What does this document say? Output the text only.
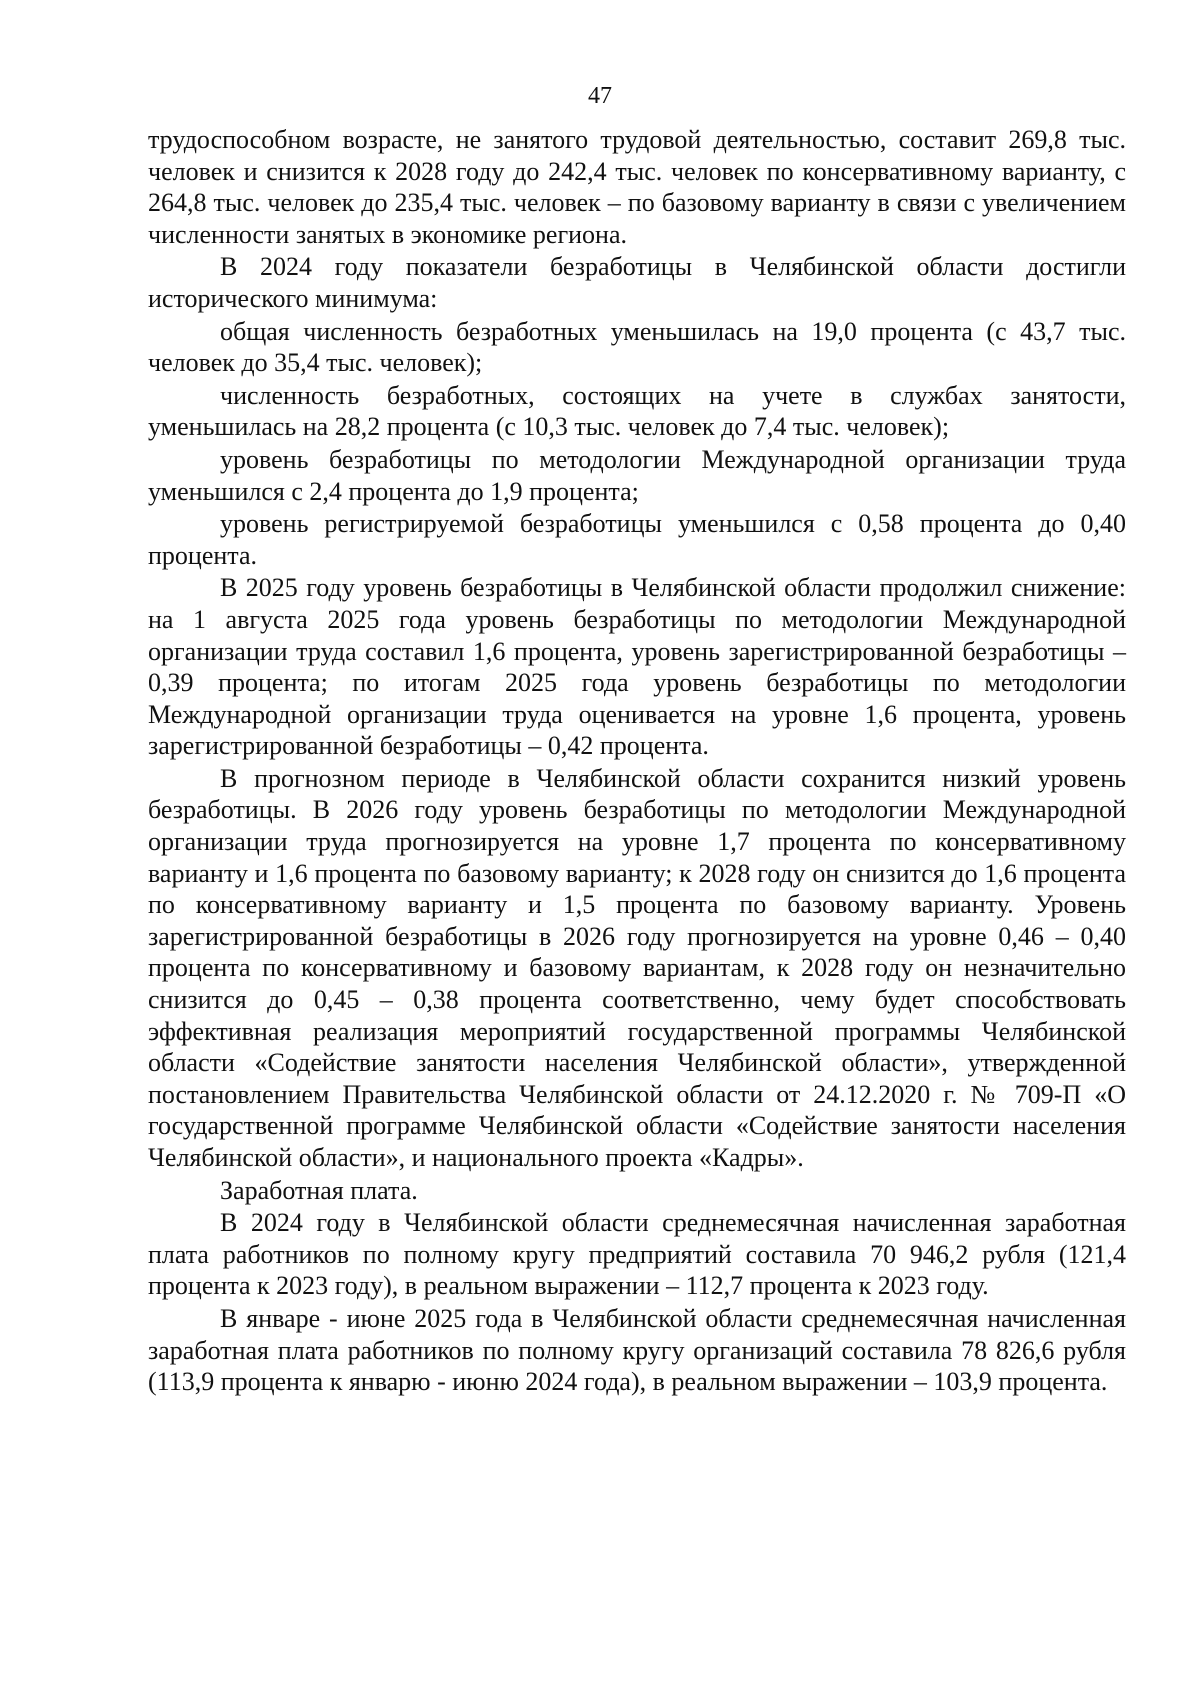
47

трудоспособном возрасте, не занятого трудовой деятельностью, составит 269,8 тыс. человек и снизится к 2028 году до 242,4 тыс. человек по консервативному варианту, с 264,8 тыс. человек до 235,4 тыс. человек – по базовому варианту в связи с увеличением численности занятых в экономике региона.

В 2024 году показатели безработицы в Челябинской области достигли исторического минимума:

общая численность безработных уменьшилась на 19,0 процента (с 43,7 тыс. человек до 35,4 тыс. человек);

численность безработных, состоящих на учете в службах занятости, уменьшилась на 28,2 процента (с 10,3 тыс. человек до 7,4 тыс. человек);

уровень безработицы по методологии Международной организации труда уменьшился с 2,4 процента до 1,9 процента;

уровень регистрируемой безработицы уменьшился с 0,58 процента до 0,40 процента.

В 2025 году уровень безработицы в Челябинской области продолжил снижение: на 1 августа 2025 года уровень безработицы по методологии Международной организации труда составил 1,6 процента, уровень зарегистрированной безработицы – 0,39 процента; по итогам 2025 года уровень безработицы по методологии Международной организации труда оценивается на уровне 1,6 процента, уровень зарегистрированной безработицы – 0,42 процента.

В прогнозном периоде в Челябинской области сохранится низкий уровень безработицы. В 2026 году уровень безработицы по методологии Международной организации труда прогнозируется на уровне 1,7 процента по консервативному варианту и 1,6 процента по базовому варианту; к 2028 году он снизится до 1,6 процента по консервативному варианту и 1,5 процента по базовому варианту. Уровень зарегистрированной безработицы в 2026 году прогнозируется на уровне 0,46 – 0,40 процента по консервативному и базовому вариантам, к 2028 году он незначительно снизится до 0,45 – 0,38 процента соответственно, чему будет способствовать эффективная реализация мероприятий государственной программы Челябинской области «Содействие занятости населения Челябинской области», утвержденной постановлением Правительства Челябинской области от 24.12.2020 г. № 709-П «О государственной программе Челябинской области «Содействие занятости населения Челябинской области», и национального проекта «Кадры».

Заработная плата.

В 2024 году в Челябинской области среднемесячная начисленная заработная плата работников по полному кругу предприятий составила 70 946,2 рубля (121,4 процента к 2023 году), в реальном выражении – 112,7 процента к 2023 году.

В январе - июне 2025 года в Челябинской области среднемесячная начисленная заработная плата работников по полному кругу организаций составила 78 826,6 рубля (113,9 процента к январю - июню 2024 года), в реальном выражении – 103,9 процента.
